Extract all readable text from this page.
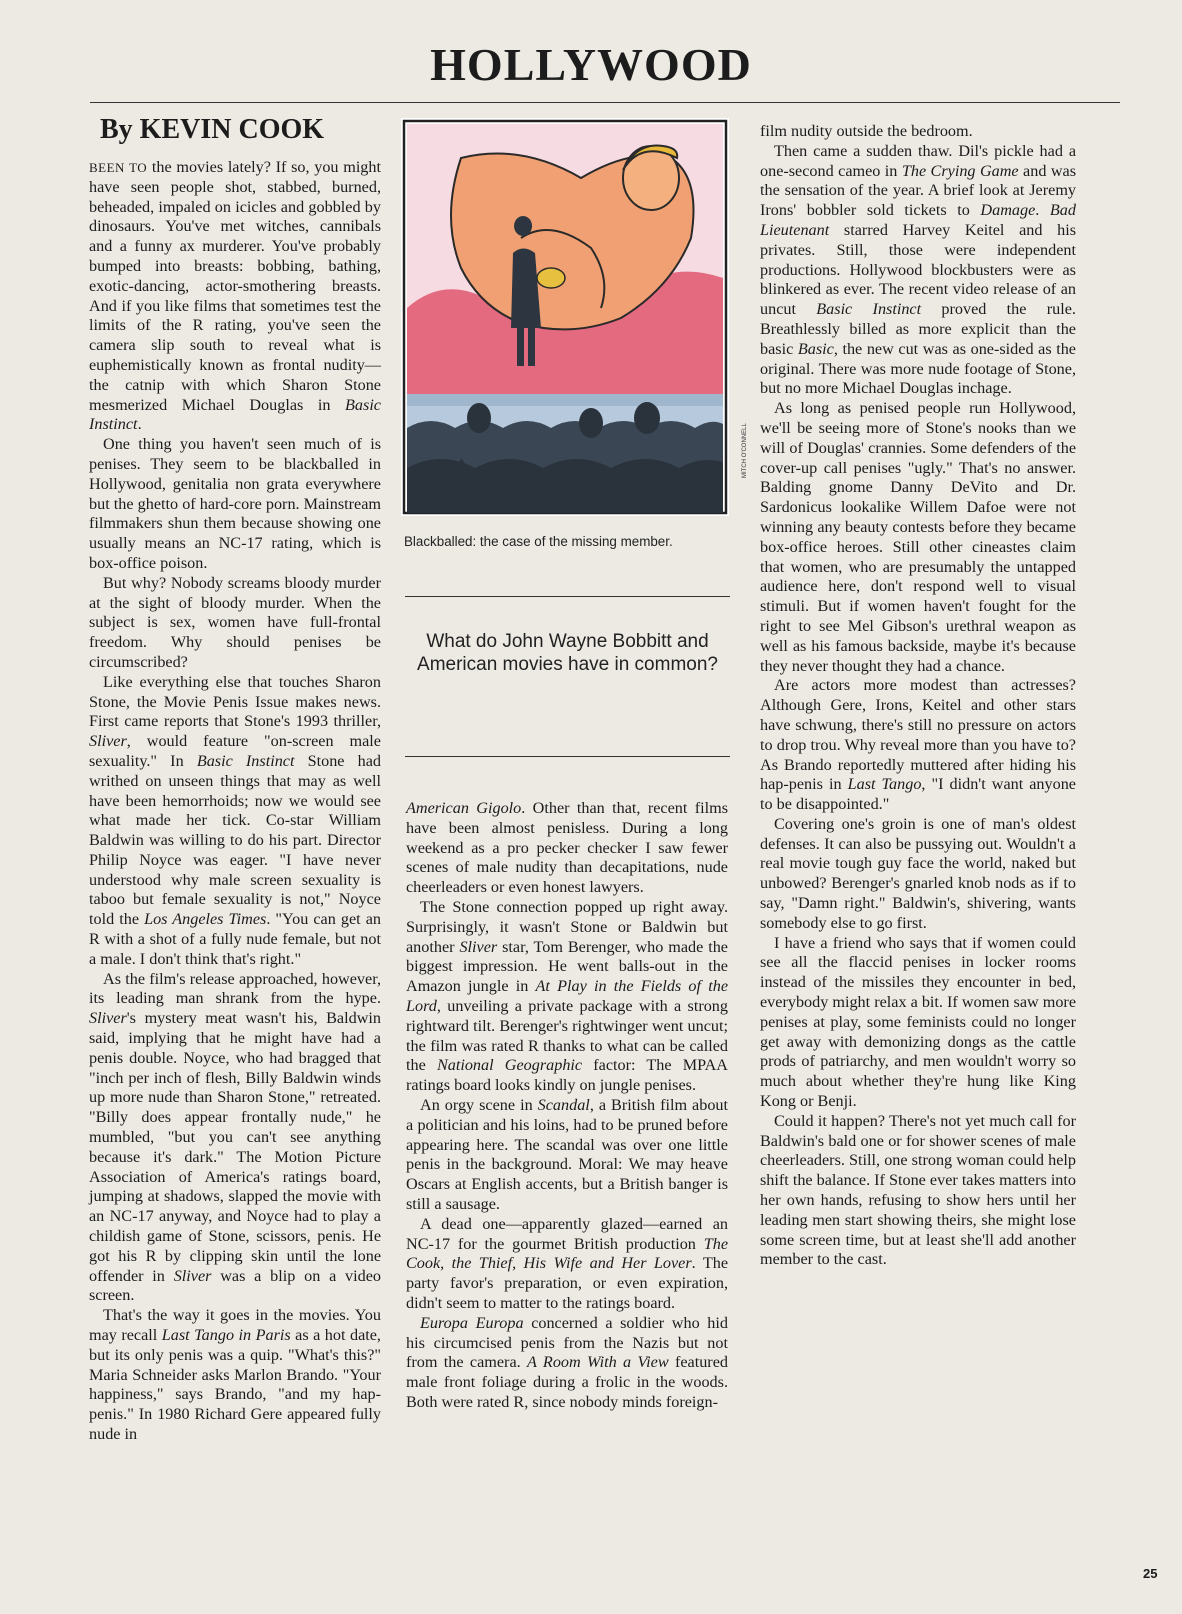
HOLLYWOOD
By KEVIN COOK

BEEN TO the movies lately? If so, you might have seen people shot, stabbed, burned, beheaded, impaled on icicles and gobbled by dinosaurs. You've met witches, cannibals and a funny ax murderer. You've probably bumped into breasts: bobbing, bathing, exotic-dancing, actor-smothering breasts. And if you like films that sometimes test the limits of the R rating, you've seen the camera slip south to reveal what is euphemistically known as frontal nudity—the catnip with which Sharon Stone mesmerized Michael Douglas in Basic Instinct.

One thing you haven't seen much of is penises. They seem to be blackballed in Hollywood, genitalia non grata everywhere but the ghetto of hard-core porn. Mainstream filmmakers shun them because showing one usually means an NC-17 rating, which is box-office poison.

But why? Nobody screams bloody murder at the sight of bloody murder. When the subject is sex, women have full-frontal freedom. Why should penises be circumscribed?

Like everything else that touches Sharon Stone, the Movie Penis Issue makes news. First came reports that Stone's 1993 thriller, Sliver, would feature "on-screen male sexuality." In Basic Instinct Stone had writhed on unseen things that may as well have been hemorrhoids; now we would see what made her tick. Co-star William Baldwin was willing to do his part. Director Philip Noyce was eager. "I have never understood why male screen sexuality is taboo but female sexuality is not," Noyce told the Los Angeles Times. "You can get an R with a shot of a fully nude female, but not a male. I don't think that's right."

As the film's release approached, however, its leading man shrank from the hype. Sliver's mystery meat wasn't his, Baldwin said, implying that he might have had a penis double. Noyce, who had bragged that "inch per inch of flesh, Billy Baldwin winds up more nude than Sharon Stone," retreated. "Billy does appear frontally nude," he mumbled, "but you can't see anything because it's dark." The Motion Picture Association of America's ratings board, jumping at shadows, slapped the movie with an NC-17 anyway, and Noyce had to play a childish game of Stone, scissors, penis. He got his R by clipping skin until the lone offender in Sliver was a blip on a video screen.

That's the way it goes in the movies. You may recall Last Tango in Paris as a hot date, but its only penis was a quip. "What's this?" Maria Schneider asks Marlon Brando. "Your happiness," says Brando, "and my hap-penis." In 1980 Richard Gere appeared fully nude in

MITCH O'CONNELL
Blackballed: the case of the missing member.
What do John Wayne Bobbitt and American movies have in common?

American Gigolo. Other than that, recent films have been almost penisless. During a long weekend as a pro pecker checker I saw fewer scenes of male nudity than decapitations, nude cheerleaders or even honest lawyers.

The Stone connection popped up right away. Surprisingly, it wasn't Stone or Baldwin but another Sliver star, Tom Berenger, who made the biggest impression. He went balls-out in the Amazon jungle in At Play in the Fields of the Lord, unveiling a private package with a strong rightward tilt. Berenger's rightwinger went uncut; the film was rated R thanks to what can be called the National Geographic factor: The MPAA ratings board looks kindly on jungle penises.

An orgy scene in Scandal, a British film about a politician and his loins, had to be pruned before appearing here. The scandal was over one little penis in the background. Moral: We may heave Oscars at English accents, but a British banger is still a sausage.

A dead one—apparently glazed—earned an NC-17 for the gourmet British production The Cook, the Thief, His Wife and Her Lover. The party favor's preparation, or even expiration, didn't seem to matter to the ratings board.

Europa Europa concerned a soldier who hid his circumcised penis from the Nazis but not from the camera. A Room With a View featured male front foliage during a frolic in the woods. Both were rated R, since nobody minds foreign-

film nudity outside the bedroom.

Then came a sudden thaw. Dil's pickle had a one-second cameo in The Crying Game and was the sensation of the year. A brief look at Jeremy Irons' bobbler sold tickets to Damage. Bad Lieutenant starred Harvey Keitel and his privates. Still, those were independent productions. Hollywood blockbusters were as blinkered as ever. The recent video release of an uncut Basic Instinct proved the rule. Breathlessly billed as more explicit than the basic Basic, the new cut was as one-sided as the original. There was more nude footage of Stone, but no more Michael Douglas inchage.

As long as penised people run Hollywood, we'll be seeing more of Stone's nooks than we will of Douglas' crannies. Some defenders of the cover-up call penises "ugly." That's no answer. Balding gnome Danny DeVito and Dr. Sardonicus lookalike Willem Dafoe were not winning any beauty contests before they became box-office heroes. Still other cineastes claim that women, who are presumably the untapped audience here, don't respond well to visual stimuli. But if women haven't fought for the right to see Mel Gibson's urethral weapon as well as his famous backside, maybe it's because they never thought they had a chance.

Are actors more modest than actresses? Although Gere, Irons, Keitel and other stars have schwung, there's still no pressure on actors to drop trou. Why reveal more than you have to? As Brando reportedly muttered after hiding his hap-penis in Last Tango, "I didn't want anyone to be disappointed."

Covering one's groin is one of man's oldest defenses. It can also be pussying out. Wouldn't a real movie tough guy face the world, naked but unbowed? Berenger's gnarled knob nods as if to say, "Damn right." Baldwin's, shivering, wants somebody else to go first.

I have a friend who says that if women could see all the flaccid penises in locker rooms instead of the missiles they encounter in bed, everybody might relax a bit. If women saw more penises at play, some feminists could no longer get away with demonizing dongs as the cattle prods of patriarchy, and men wouldn't worry so much about whether they're hung like King Kong or Benji.

Could it happen? There's not yet much call for Baldwin's bald one or for shower scenes of male cheerleaders. Still, one strong woman could help shift the balance. If Stone ever takes matters into her own hands, refusing to show hers until her leading men start showing theirs, she might lose some screen time, but at least she'll add another member to the cast.

25
